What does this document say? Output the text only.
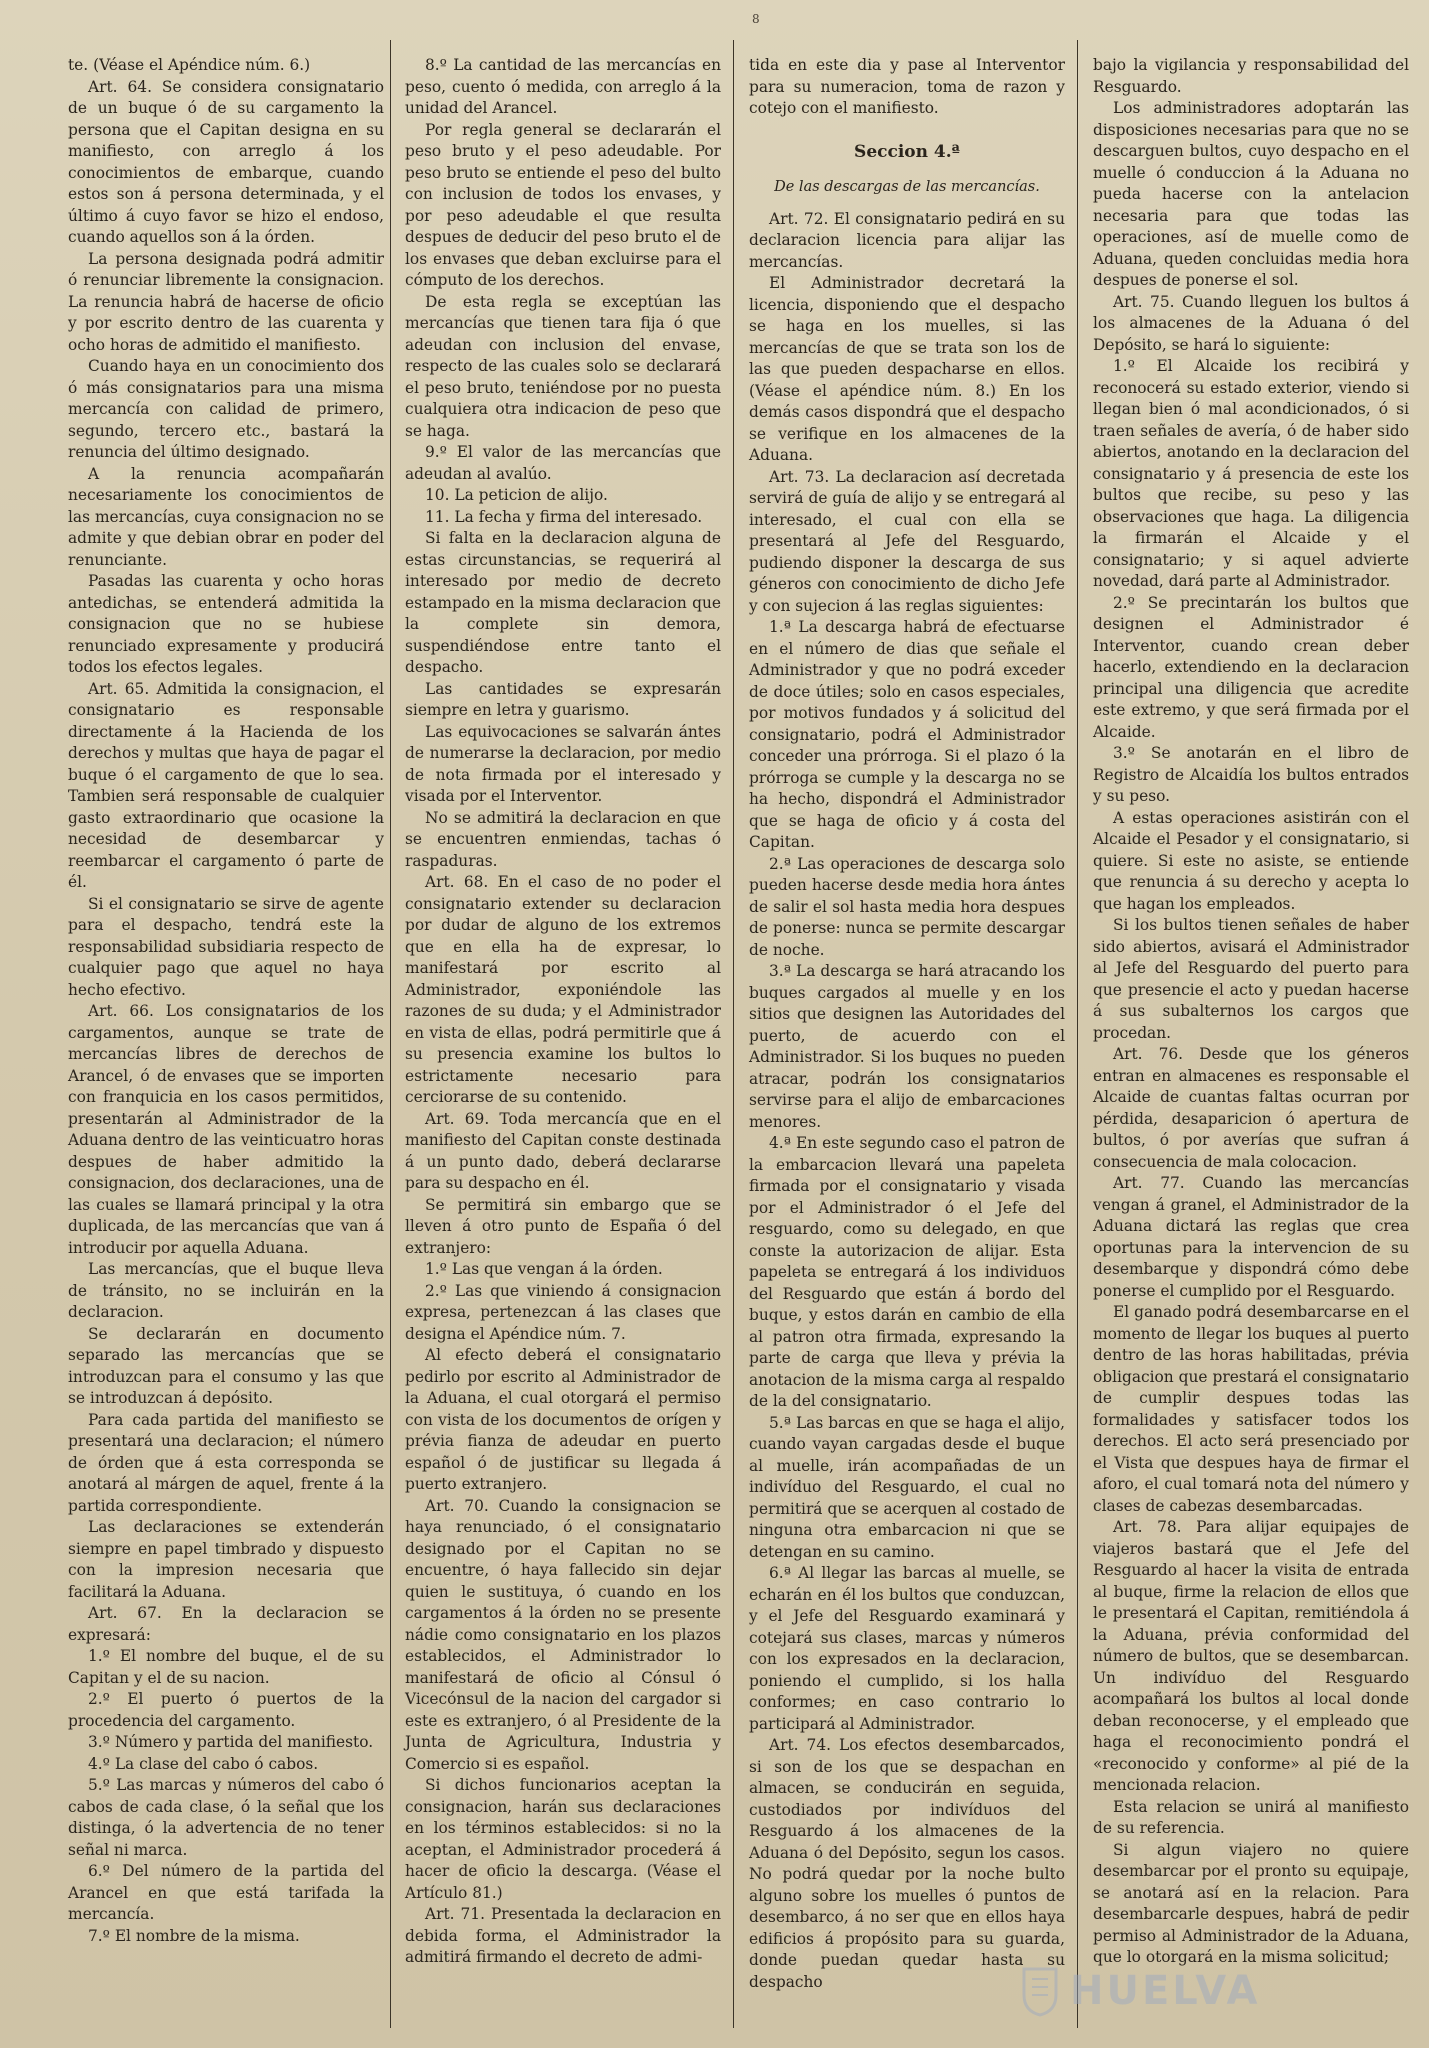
8

te. (Véase el Apéndice núm. 6.)

Art. 64. Se considera consignatario de un buque ó de su cargamento la persona que el Capitan designa en su manifiesto, con arreglo á los conocimientos de embarque, cuando estos son á persona determinada, y el último á cuyo favor se hizo el endoso, cuando aquellos son á la órden.

La persona designada podrá admitir ó renunciar libremente la consignacion. La renuncia habrá de hacerse de oficio y por escrito dentro de las cuarenta y ocho horas de admitido el manifiesto.

Cuando haya en un conocimiento dos ó más consignatarios para una misma mercancía con calidad de primero, segundo, tercero etc., bastará la renuncia del último designado.

A la renuncia acompañarán necesariamente los conocimientos de las mercancías, cuya consignacion no se admite y que debian obrar en poder del renunciante.

Pasadas las cuarenta y ocho horas antedichas, se entenderá admitida la consignacion que no se hubiese renunciado expresamente y producirá todos los efectos legales.

Art. 65. Admitida la consignacion, el consignatario es responsable directamente á la Hacienda de los derechos y multas que haya de pagar el buque ó el cargamento de que lo sea. Tambien será responsable de cualquier gasto extraordinario que ocasione la necesidad de desembarcar y reembarcar el cargamento ó parte de él.

Si el consignatario se sirve de agente para el despacho, tendrá este la responsabilidad subsidiaria respecto de cualquier pago que aquel no haya hecho efectivo.

Art. 66. Los consignatarios de los cargamentos, aunque se trate de mercancías libres de derechos de Arancel, ó de envases que se importen con franquicia en los casos permitidos, presentarán al Administrador de la Aduana dentro de las veinticuatro horas despues de haber admitido la consignacion, dos declaraciones, una de las cuales se llamará principal y la otra duplicada, de las mercancías que van á introducir por aquella Aduana.

Las mercancías, que el buque lleva de tránsito, no se incluirán en la declaracion.

Se declararán en documento separado las mercancías que se introduzcan para el consumo y las que se introduzcan á depósito.

Para cada partida del manifiesto se presentará una declaracion; el número de órden que á esta corresponda se anotará al márgen de aquel, frente á la partida correspondiente.

Las declaraciones se extenderán siempre en papel timbrado y dispuesto con la impresion necesaria que facilitará la Aduana.

Art. 67. En la declaracion se expresará:

1.º El nombre del buque, el de su Capitan y el de su nacion.

2.º El puerto ó puertos de la procedencia del cargamento.

3.º Número y partida del manifiesto.

4.º La clase del cabo ó cabos.

5.º Las marcas y números del cabo ó cabos de cada clase, ó la señal que los distinga, ó la advertencia de no tener señal ni marca.

6.º Del número de la partida del Arancel en que está tarifada la mercancía.

7.º El nombre de la misma.

8.º La cantidad de las mercancías en peso, cuento ó medida, con arreglo á la unidad del Arancel.

Por regla general se declararán el peso bruto y el peso adeudable. Por peso bruto se entiende el peso del bulto con inclusion de todos los envases, y por peso adeudable el que resulta despues de deducir del peso bruto el de los envases que deban excluirse para el cómputo de los derechos.

De esta regla se exceptúan las mercancías que tienen tara fija ó que adeudan con inclusion del envase, respecto de las cuales solo se declarará el peso bruto, teniéndose por no puesta cualquiera otra indicacion de peso que se haga.

9.º El valor de las mercancías que adeudan al avalúo.

10. La peticion de alijo.

11. La fecha y firma del interesado.

Si falta en la declaracion alguna de estas circunstancias, se requerirá al interesado por medio de decreto estampado en la misma declaracion que la complete sin demora, suspendiéndose entre tanto el despacho.

Las cantidades se expresarán siempre en letra y guarismo.

Las equivocaciones se salvarán ántes de numerarse la declaracion, por medio de nota firmada por el interesado y visada por el Interventor.

No se admitirá la declaracion en que se encuentren enmiendas, tachas ó raspaduras.

Art. 68. En el caso de no poder el consignatario extender su declaracion por dudar de alguno de los extremos que en ella ha de expresar, lo manifestará por escrito al Administrador, exponiéndole las razones de su duda; y el Administrador en vista de ellas, podrá permitirle que á su presencia examine los bultos lo estrictamente necesario para cerciorarse de su contenido.

Art. 69. Toda mercancía que en el manifiesto del Capitan conste destinada á un punto dado, deberá declararse para su despacho en él.

Se permitirá sin embargo que se lleven á otro punto de España ó del extranjero:

1.º Las que vengan á la órden.

2.º Las que viniendo á consignacion expresa, pertenezcan á las clases que designa el Apéndice núm. 7.

Al efecto deberá el consignatario pedirlo por escrito al Administrador de la Aduana, el cual otorgará el permiso con vista de los documentos de orígen y prévia fianza de adeudar en puerto español ó de justificar su llegada á puerto extranjero.

Art. 70. Cuando la consignacion se haya renunciado, ó el consignatario designado por el Capitan no se encuentre, ó haya fallecido sin dejar quien le sustituya, ó cuando en los cargamentos á la órden no se presente nádie como consignatario en los plazos establecidos, el Administrador lo manifestará de oficio al Cónsul ó Vicecónsul de la nacion del cargador si este es extranjero, ó al Presidente de la Junta de Agricultura, Industria y Comercio si es español.

Si dichos funcionarios aceptan la consignacion, harán sus declaraciones en los términos establecidos: si no la aceptan, el Administrador procederá á hacer de oficio la descarga. (Véase el Artículo 81.)

Art. 71. Presentada la declaracion en debida forma, el Administrador la admitirá firmando el decreto de admi-

tida en este dia y pase al Interventor para su numeracion, toma de razon y cotejo con el manifiesto.

Seccion 4.ª

De las descargas de las mercancías.

Art. 72. El consignatario pedirá en su declaracion licencia para alijar las mercancías.

El Administrador decretará la licencia, disponiendo que el despacho se haga en los muelles, si las mercancías de que se trata son los de las que pueden despacharse en ellos. (Véase el apéndice núm. 8.) En los demás casos dispondrá que el despacho se verifique en los almacenes de la Aduana.

Art. 73. La declaracion así decretada servirá de guía de alijo y se entregará al interesado, el cual con ella se presentará al Jefe del Resguardo, pudiendo disponer la descarga de sus géneros con conocimiento de dicho Jefe y con sujecion á las reglas siguientes:

1.ª La descarga habrá de efectuarse en el número de dias que señale el Administrador y que no podrá exceder de doce útiles; solo en casos especiales, por motivos fundados y á solicitud del consignatario, podrá el Administrador conceder una prórroga. Si el plazo ó la prórroga se cumple y la descarga no se ha hecho, dispondrá el Administrador que se haga de oficio y á costa del Capitan.

2.ª Las operaciones de descarga solo pueden hacerse desde media hora ántes de salir el sol hasta media hora despues de ponerse: nunca se permite descargar de noche.

3.ª La descarga se hará atracando los buques cargados al muelle y en los sitios que designen las Autoridades del puerto, de acuerdo con el Administrador. Si los buques no pueden atracar, podrán los consignatarios servirse para el alijo de embarcaciones menores.

4.ª En este segundo caso el patron de la embarcacion llevará una papeleta firmada por el consignatario y visada por el Administrador ó el Jefe del resguardo, como su delegado, en que conste la autorizacion de alijar. Esta papeleta se entregará á los individuos del Resguardo que están á bordo del buque, y estos darán en cambio de ella al patron otra firmada, expresando la parte de carga que lleva y prévia la anotacion de la misma carga al respaldo de la del consignatario.

5.ª Las barcas en que se haga el alijo, cuando vayan cargadas desde el buque al muelle, irán acompañadas de un indivíduo del Resguardo, el cual no permitirá que se acerquen al costado de ninguna otra embarcacion ni que se detengan en su camino.

6.ª Al llegar las barcas al muelle, se echarán en él los bultos que conduzcan, y el Jefe del Resguardo examinará y cotejará sus clases, marcas y números con los expresados en la declaracion, poniendo el cumplido, si los halla conformes; en caso contrario lo participará al Administrador.

Art. 74. Los efectos desembarcados, si son de los que se despachan en almacen, se conducirán en seguida, custodiados por indivíduos del Resguardo á los almacenes de la Aduana ó del Depósito, segun los casos. No podrá quedar por la noche bulto alguno sobre los muelles ó puntos de desembarco, á no ser que en ellos haya edificios á propósito para su guarda, donde puedan quedar hasta su despacho

bajo la vigilancia y responsabilidad del Resguardo.

Los administradores adoptarán las disposiciones necesarias para que no se descarguen bultos, cuyo despacho en el muelle ó conduccion á la Aduana no pueda hacerse con la antelacion necesaria para que todas las operaciones, así de muelle como de Aduana, queden concluidas media hora despues de ponerse el sol.

Art. 75. Cuando lleguen los bultos á los almacenes de la Aduana ó del Depósito, se hará lo siguiente:

1.º El Alcaide los recibirá y reconocerá su estado exterior, viendo si llegan bien ó mal acondicionados, ó si traen señales de avería, ó de haber sido abiertos, anotando en la declaracion del consignatario y á presencia de este los bultos que recibe, su peso y las observaciones que haga. La diligencia la firmarán el Alcaide y el consignatario; y si aquel advierte novedad, dará parte al Administrador.

2.º Se precintarán los bultos que designen el Administrador é Interventor, cuando crean deber hacerlo, extendiendo en la declaracion principal una diligencia que acredite este extremo, y que será firmada por el Alcaide.

3.º Se anotarán en el libro de Registro de Alcaidía los bultos entrados y su peso.

A estas operaciones asistirán con el Alcaide el Pesador y el consignatario, si quiere. Si este no asiste, se entiende que renuncia á su derecho y acepta lo que hagan los empleados.

Si los bultos tienen señales de haber sido abiertos, avisará el Administrador al Jefe del Resguardo del puerto para que presencie el acto y puedan hacerse á sus subalternos los cargos que procedan.

Art. 76. Desde que los géneros entran en almacenes es responsable el Alcaide de cuantas faltas ocurran por pérdida, desaparicion ó apertura de bultos, ó por averías que sufran á consecuencia de mala colocacion.

Art. 77. Cuando las mercancías vengan á granel, el Administrador de la Aduana dictará las reglas que crea oportunas para la intervencion de su desembarque y dispondrá cómo debe ponerse el cumplido por el Resguardo.

El ganado podrá desembarcarse en el momento de llegar los buques al puerto dentro de las horas habilitadas, prévia obligacion que prestará el consignatario de cumplir despues todas las formalidades y satisfacer todos los derechos. El acto será presenciado por el Vista que despues haya de firmar el aforo, el cual tomará nota del número y clases de cabezas desembarcadas.

Art. 78. Para alijar equipajes de viajeros bastará que el Jefe del Resguardo al hacer la visita de entrada al buque, firme la relacion de ellos que le presentará el Capitan, remitiéndola á la Aduana, prévia conformidad del número de bultos, que se desembarcan. Un indivíduo del Resguardo acompañará los bultos al local donde deban reconocerse, y el empleado que haga el reconocimiento pondrá el «reconocido y conforme» al pié de la mencionada relacion.

Esta relacion se unirá al manifiesto de su referencia.

Si algun viajero no quiere desembarcar por el pronto su equipaje, se anotará así en la relacion. Para desembarcarle despues, habrá de pedir permiso al Administrador de la Aduana, que lo otorgará en la misma solicitud;

HUELVA
